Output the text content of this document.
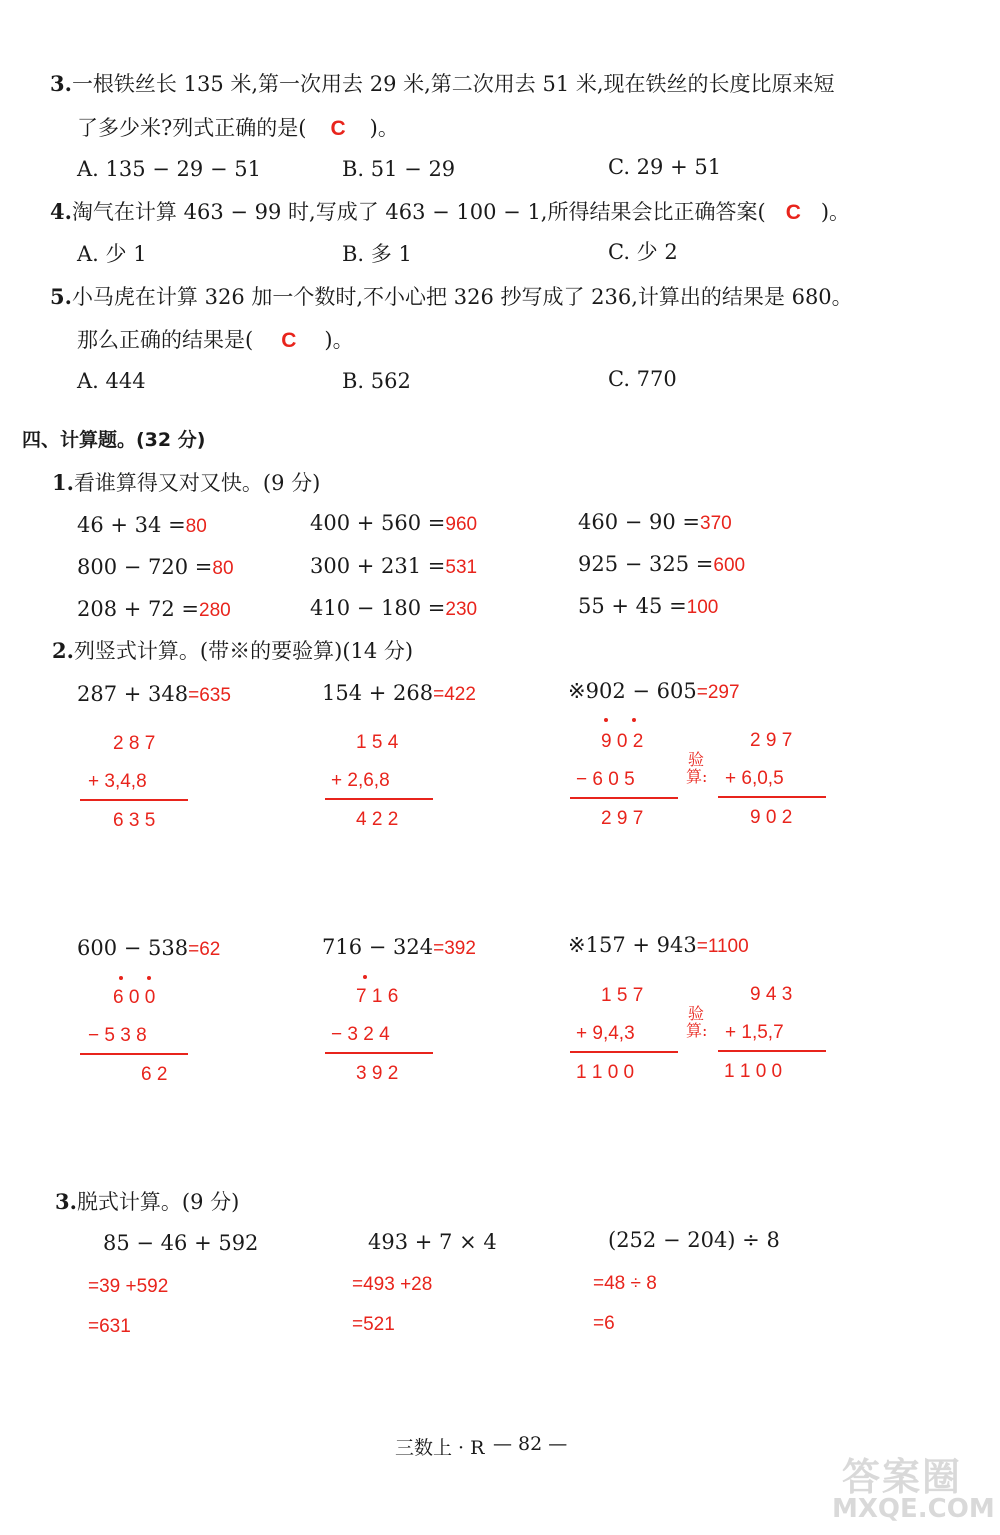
3.一根铁丝长 135 米,第一次用去 29 米,第二次用去 51 米,现在铁丝的长度比原来短
了多少米?列式正确的是( C )。
A. 135 − 29 − 51	B. 51 − 29	C. 29 + 51
4.淘气在计算 463 − 99 时,写成了 463 − 100 − 1,所得结果会比正确答案( C )。
A. 少 1	B. 多 1	C. 少 2
5.小马虎在计算 326 加一个数时,不小心把 326 抄写成了 236,计算出的结果是 680。
那么正确的结果是( C )。
A. 444	B. 562	C. 770
四、计算题。(32 分)
1.看谁算得又对又快。(9 分)
46 + 34 =80	400 + 560 =960	460 − 90 =370
800 − 720 =80	300 + 231 =531	925 − 325 =600
208 + 72 =280	410 − 180 =230	55 + 45 =100
2.列竖式计算。(带※的要验算)(14 分)
287 + 348=635
2 8 7
+ 3,4,8
6 3 5
154 + 268=422
1 5 4
+ 2,6,8
4 2 2
※902 − 605=297
9 0 2
− 6 0 5
2 9 7
验算:
2 9 7
+ 6,0,5
9 0 2
600 − 538=62
6 0 0
− 5 3 8
6 2
716 − 324=392
7 1 6
− 3 2 4
3 9 2
※157 + 943=1100
1 5 7
+ 9,4,3
1 1 0 0
验算:
9 4 3
+ 1,5,7
1 1 0 0
3.脱式计算。(9 分)
85 − 46 + 592
=39 +592
=631
493 + 7 × 4
=493 +28
=521
(252 − 204) ÷ 8
=48 ÷ 8
=6
三数上 · R — 82 —
答案圈
MXQE.COM
